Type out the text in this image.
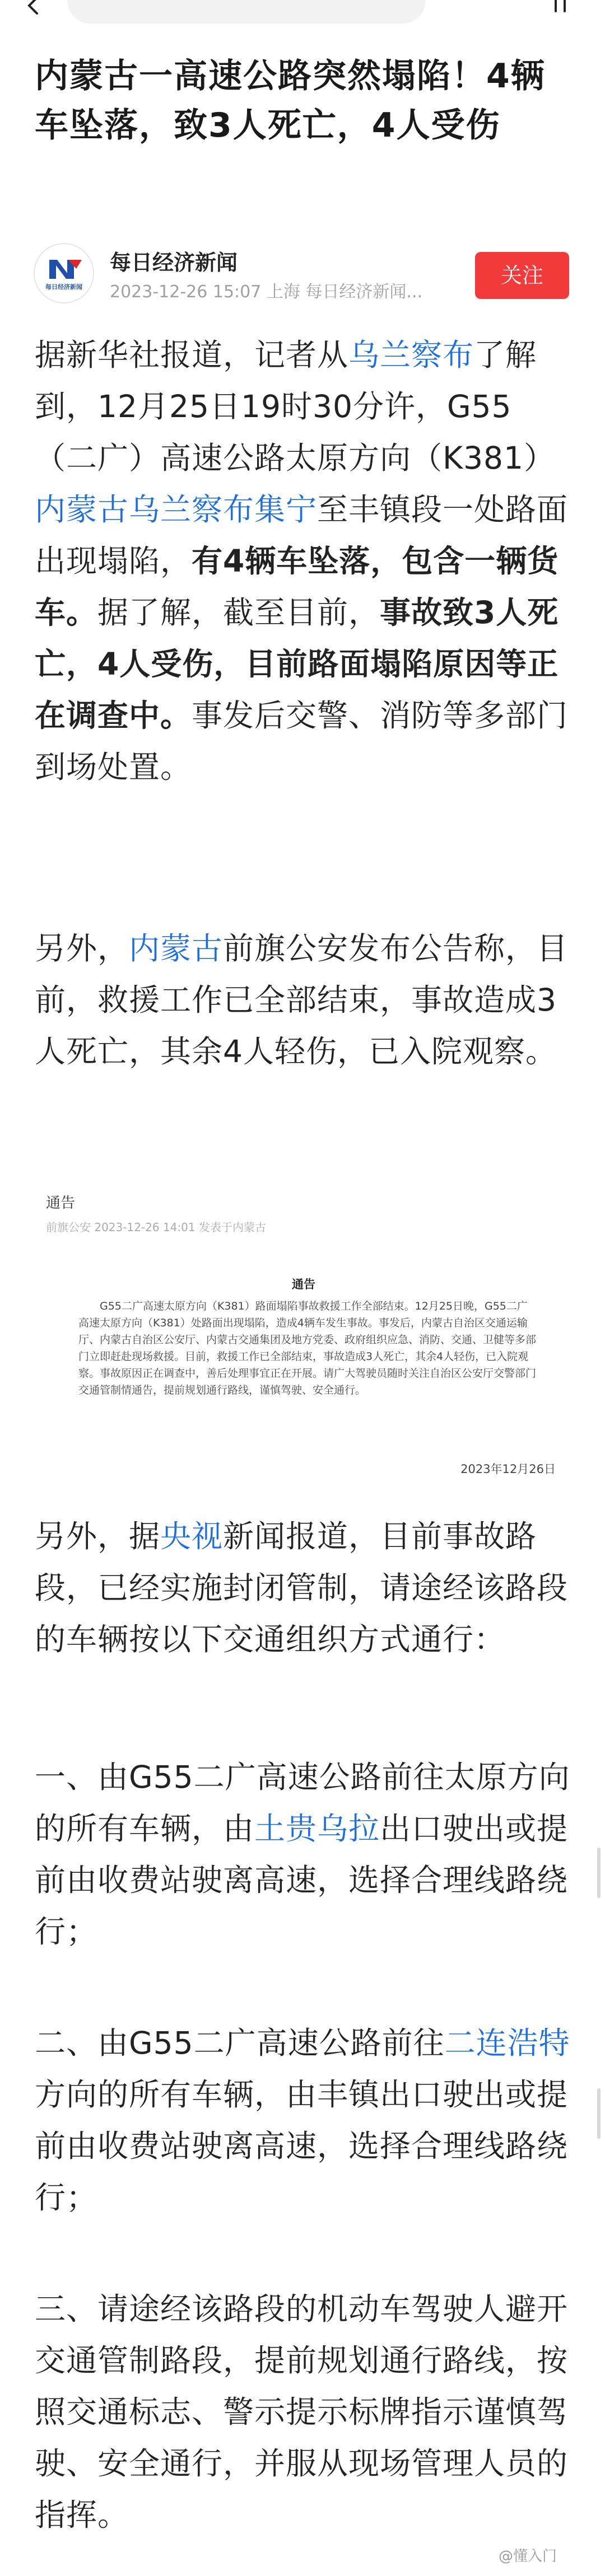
内蒙古一高速公路突然塌陷！4辆车坠落，致3人死亡，4人受伤
每日经济新闻
每日经济新闻
2023-12-26 15:07 上海 每日经济新闻...
关注

据新华社报道，记者从乌兰察布了解到，12月25日19时30分许，G55（二广）高速公路太原方向（K381）内蒙古乌兰察布集宁至丰镇段一处路面出现塌陷，有4辆车坠落，包含一辆货车。据了解，截至目前，事故致3人死亡，4人受伤，目前路面塌陷原因等正在调查中。事发后交警、消防等多部门到场处置。

另外，内蒙古前旗公安发布公告称，目前，救援工作已全部结束，事故造成3人死亡，其余4人轻伤，已入院观察。

通告
前旗公安 2023-12-26 14:01 发表于内蒙古
通告

G55二广高速太原方向（K381）路面塌陷事故救援工作全部结束。12月25日晚，G55二广高速太原方向（K381）处路面出现塌陷，造成4辆车发生事故。事发后，内蒙古自治区交通运输厅、内蒙古自治区公安厅、内蒙古交通集团及地方党委、政府组织应急、消防、交通、卫健等多部门立即赶赴现场救援。目前，救援工作已全部结束，事故造成3人死亡，其余4人轻伤，已入院观察。事故原因正在调查中，善后处理事宜正在开展。请广大驾驶员随时关注自治区公安厅交警部门交通管制情通告，提前规划通行路线，谨慎驾驶、安全通行。

2023年12月26日

另外，据央视新闻报道，目前事故路段，已经实施封闭管制，请途经该路段的车辆按以下交通组织方式通行：

一、由G55二广高速公路前往太原方向的所有车辆，由土贵乌拉出口驶出或提前由收费站驶离高速，选择合理线路绕行；

二、由G55二广高速公路前往二连浩特方向的所有车辆，由丰镇出口驶出或提前由收费站驶离高速，选择合理线路绕行；

三、请途经该路段的机动车驾驶人避开交通管制路段，提前规划通行路线，按照交通标志、警示提示标牌指示谨慎驾驶、安全通行，并服从现场管理人员的指挥。

@懂入门
